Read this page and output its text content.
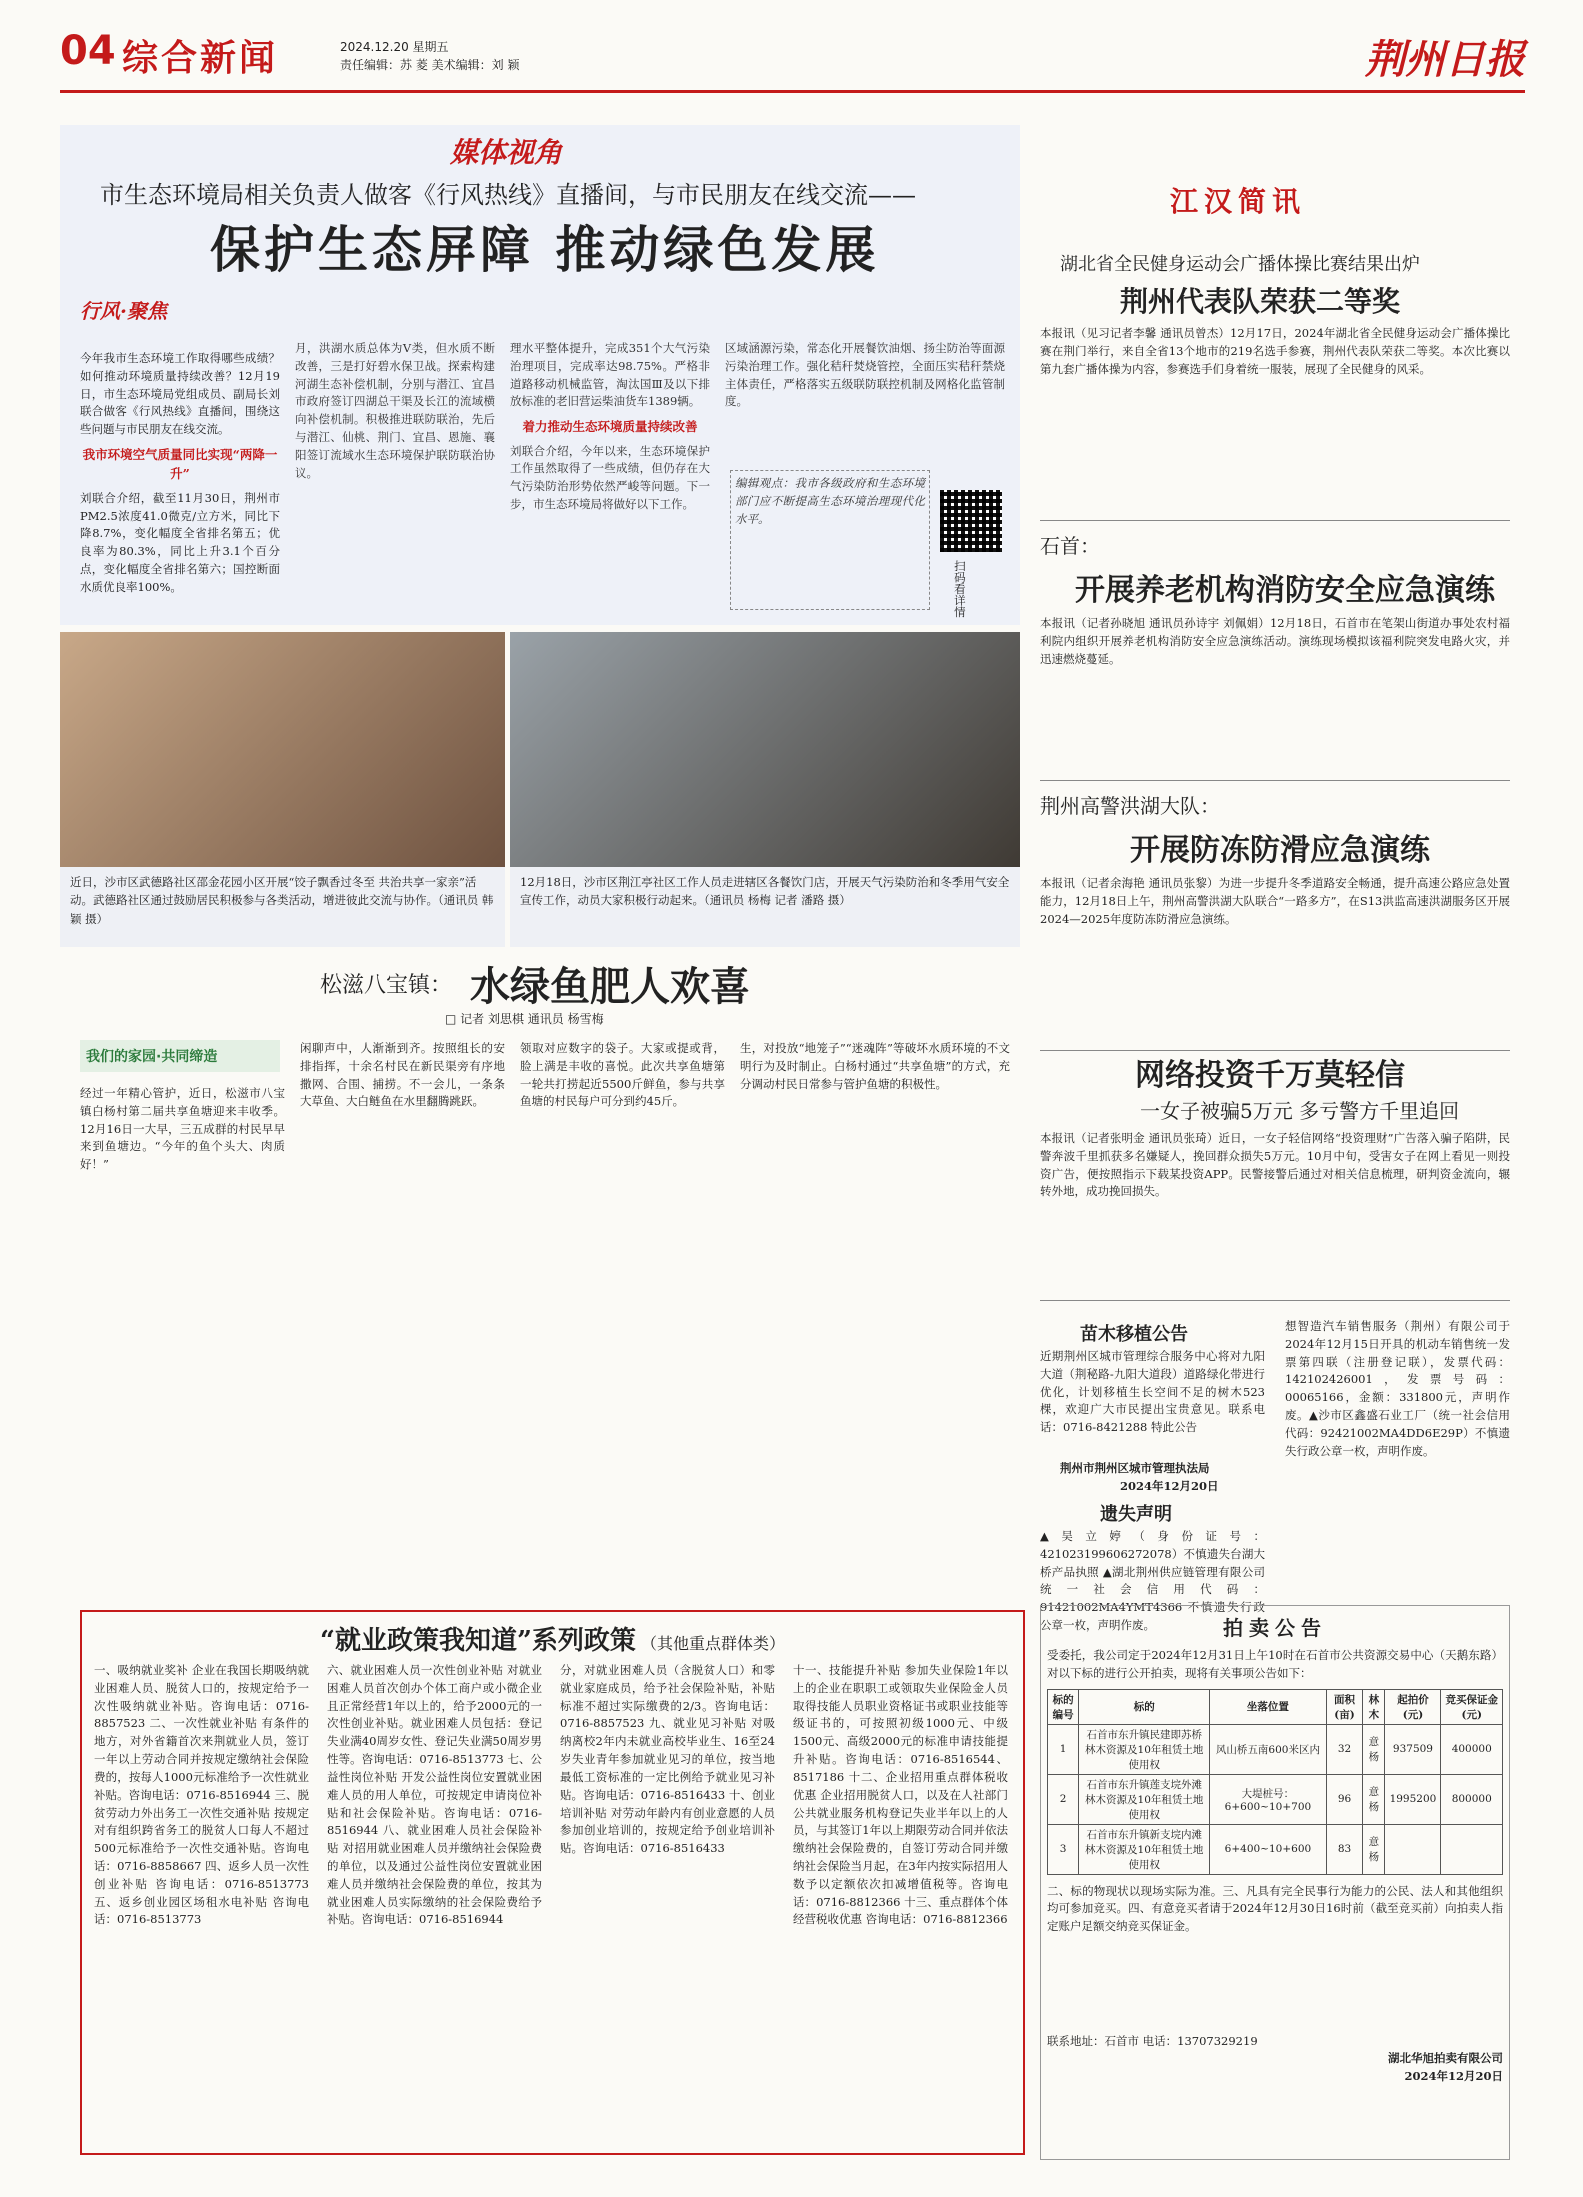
04 综合新闻	2024.12.20 星期五
责任编辑：苏 菱 美术编辑：刘 颖	荆州日报
媒体视角
市生态环境局相关负责人做客《行风热线》直播间，与市民朋友在线交流——
保护生态屏障 推动绿色发展
行风·聚焦

今年我市生态环境工作取得哪些成绩？如何推动环境质量持续改善？12月19日，市生态环境局党组成员、副局长刘联合做客《行风热线》直播间，围绕这些问题与市民朋友在线交流。

我市环境空气质量同比实现“两降一升”

刘联合介绍，截至11月30日，荆州市PM2.5浓度41.0微克/立方米，同比下降8.7%，变化幅度全省排名第五；优良率为80.3%，同比上升3.1个百分点，变化幅度全省排名第六；国控断面水质优良率100%。

月，洪湖水质总体为Ⅴ类，但水质不断改善，三是打好碧水保卫战。探索构建河湖生态补偿机制，分别与潜江、宜昌市政府签订四湖总干渠及长江的流域横向补偿机制。积极推进联防联治，先后与潜江、仙桃、荆门、宜昌、恩施、襄阳签订流域水生态环境保护联防联治协议。

理水平整体提升，完成351个大气污染治理项目，完成率达98.75%。严格非道路移动机械监管，淘汰国Ⅲ及以下排放标准的老旧营运柴油货车1389辆。

着力推动生态环境质量持续改善

刘联合介绍，今年以来，生态环境保护工作虽然取得了一些成绩，但仍存在大气污染防治形势依然严峻等问题。下一步，市生态环境局将做好以下工作。

区域涵源污染，常态化开展餐饮油烟、扬尘防治等面源污染治理工作。强化秸秆焚烧管控，全面压实秸秆禁烧主体责任，严格落实五级联防联控机制及网格化监管制度。

编辑观点：我市各级政府和生态环境部门应不断提高生态环境治理现代化水平。
扫码看详情
近日，沙市区武德路社区邵金花园小区开展“饺子飘香过冬至 共治共享一家亲”活动。武德路社区通过鼓励居民积极参与各类活动，增进彼此交流与协作。（通讯员 韩颖 摄）
12月18日，沙市区荆江亭社区工作人员走进辖区各餐饮门店，开展天气污染防治和冬季用气安全宣传工作，动员大家积极行动起来。（通讯员 杨梅 记者 潘路 摄）
松滋八宝镇： 水绿鱼肥人欢喜
□ 记者 刘思棋 通讯员 杨雪梅
我们的家园·共同缔造
经过一年精心管护，近日，松滋市八宝镇白杨村第二届共享鱼塘迎来丰收季。12月16日一大早，三五成群的村民早早来到鱼塘边。“今年的鱼个头大、肉质好！”
闲聊声中，人渐渐到齐。按照组长的安排指挥，十余名村民在新民渠旁有序地撒网、合围、捕捞。不一会儿，一条条大草鱼、大白鲢鱼在水里翻腾跳跃。
领取对应数字的袋子。大家或提或背，脸上满是丰收的喜悦。此次共享鱼塘第一轮共打捞起近5500斤鲜鱼，参与共享鱼塘的村民每户可分到约45斤。
生，对投放“地笼子”“迷魂阵”等破坏水质环境的不文明行为及时制止。白杨村通过“共享鱼塘”的方式，充分调动村民日常参与管护鱼塘的积极性。
江汉简讯
湖北省全民健身运动会广播体操比赛结果出炉
荆州代表队荣获二等奖
本报讯（见习记者李馨 通讯员曾杰）12月17日，2024年湖北省全民健身运动会广播体操比赛在荆门举行，来自全省13个地市的219名选手参赛，荆州代表队荣获二等奖。本次比赛以第九套广播体操为内容，参赛选手们身着统一服装，展现了全民健身的风采。
石首：
开展养老机构消防安全应急演练
本报讯（记者孙晓旭 通讯员孙诗宇 刘佩娟）12月18日，石首市在笔架山街道办事处农村福利院内组织开展养老机构消防安全应急演练活动。演练现场模拟该福利院突发电路火灾，并迅速燃烧蔓延。
荆州高警洪湖大队：
开展防冻防滑应急演练
本报讯（记者余海艳 通讯员张黎）为进一步提升冬季道路安全畅通，提升高速公路应急处置能力，12月18日上午，荆州高警洪湖大队联合“一路多方”，在S13洪监高速洪湖服务区开展2024—2025年度防冻防滑应急演练。
网络投资千万莫轻信
一女子被骗5万元 多亏警方千里追回
本报讯（记者张明金 通讯员张琦）近日，一女子轻信网络“投资理财”广告落入骗子陷阱，民警奔波千里抓获多名嫌疑人，挽回群众损失5万元。10月中旬，受害女子在网上看见一则投资广告，便按照指示下载某投资APP。民警接警后通过对相关信息梳理，研判资金流向，辗转外地，成功挽回损失。
苗木移植公告
近期荆州区城市管理综合服务中心将对九阳大道（荆秘路-九阳大道段）道路绿化带进行优化，计划移植生长空间不足的树木523棵，欢迎广大市民提出宝贵意见。联系电话：0716-8421288 特此公告
荆州市荆州区城市管理执法局
2024年12月20日
遗失声明
▲吴立婷（身份证号：421023199606272078）不慎遗失台湖大桥产品执照 ▲湖北荆州供应链管理有限公司 统一社会信用代码：91421002MA4YMT4366 不慎遗失行政公章一枚，声明作废。
想智造汽车销售服务（荆州）有限公司于2024年12月15日开具的机动车销售统一发票第四联（注册登记联），发票代码：142102426001，发票号码：00065166，金额：331800元，声明作废。▲沙市区鑫盛石业工厂（统一社会信用代码：92421002MA4DD6E29P）不慎遗失行政公章一枚，声明作废。
“就业政策我知道”系列政策 （其他重点群体类）
一、吸纳就业奖补 企业在我国长期吸纳就业困难人员、脱贫人口的，按规定给予一次性吸纳就业补贴。咨询电话：0716-8857523 二、一次性就业补贴 有条件的地方，对外省籍首次来荆就业人员，签订一年以上劳动合同并按规定缴纳社会保险费的，按每人1000元标准给予一次性就业补贴。咨询电话：0716-8516944 三、脱贫劳动力外出务工一次性交通补贴 按规定对有组织跨省务工的脱贫人口每人不超过500元标准给予一次性交通补贴。咨询电话：0716-8858667 四、返乡人员一次性创业补贴 咨询电话：0716-8513773 五、返乡创业园区场租水电补贴 咨询电话：0716-8513773
六、就业困难人员一次性创业补贴 对就业困难人员首次创办个体工商户或小微企业且正常经营1年以上的，给予2000元的一次性创业补贴。就业困难人员包括：登记失业满40周岁女性、登记失业满50周岁男性等。咨询电话：0716-8513773 七、公益性岗位补贴 开发公益性岗位安置就业困难人员的用人单位，可按规定申请岗位补贴和社会保险补贴。咨询电话：0716-8516944 八、就业困难人员社会保险补贴 对招用就业困难人员并缴纳社会保险费的单位，以及通过公益性岗位安置就业困难人员并缴纳社会保险费的单位，按其为就业困难人员实际缴纳的社会保险费给予补贴。咨询电话：0716-8516944
分，对就业困难人员（含脱贫人口）和零就业家庭成员，给予社会保险补贴，补贴标准不超过实际缴费的2/3。咨询电话：0716-8857523 九、就业见习补贴 对吸纳离校2年内未就业高校毕业生、16至24岁失业青年参加就业见习的单位，按当地最低工资标准的一定比例给予就业见习补贴。咨询电话：0716-8516433 十、创业培训补贴 对劳动年龄内有创业意愿的人员参加创业培训的，按规定给予创业培训补贴。咨询电话：0716-8516433
十一、技能提升补贴 参加失业保险1年以上的企业在职职工或领取失业保险金人员取得技能人员职业资格证书或职业技能等级证书的，可按照初级1000元、中级1500元、高级2000元的标准申请技能提升补贴。咨询电话：0716-8516544、8517186 十二、企业招用重点群体税收优惠 企业招用脱贫人口，以及在人社部门公共就业服务机构登记失业半年以上的人员，与其签订1年以上期限劳动合同并依法缴纳社会保险费的，自签订劳动合同并缴纳社会保险当月起，在3年内按实际招用人数予以定额依次扣减增值税等。咨询电话：0716-8812366 十三、重点群体个体经营税收优惠 咨询电话：0716-8812366
拍卖公告
受委托，我公司定于2024年12月31日上午10时在石首市公共资源交易中心（天鹅东路）对以下标的进行公开拍卖，现将有关事项公告如下：
标的编号	标的	坐落位置	面积(亩)	林木	起拍价(元)	竞买保证金(元)
1	石首市东升镇民建即苏桥林木资源及10年租赁土地使用权	风山桥五南600米区内	32	意杨	937509	400000
2	石首市东升镇莲支垸外滩林木资源及10年租赁土地使用权	大堤桩号：6+600~10+700	96	意杨	1995200	800000
3	石首市东升镇新支垸内滩林木资源及10年租赁土地使用权	6+400~10+600	83	意杨		
二、标的物现状以现场实际为准。三、凡具有完全民事行为能力的公民、法人和其他组织均可参加竞买。四、有意竞买者请于2024年12月30日16时前（截至竞买前）向拍卖人指定账户足额交纳竞买保证金。
联系地址：石首市 电话：13707329219
湖北华旭拍卖有限公司
2024年12月20日
